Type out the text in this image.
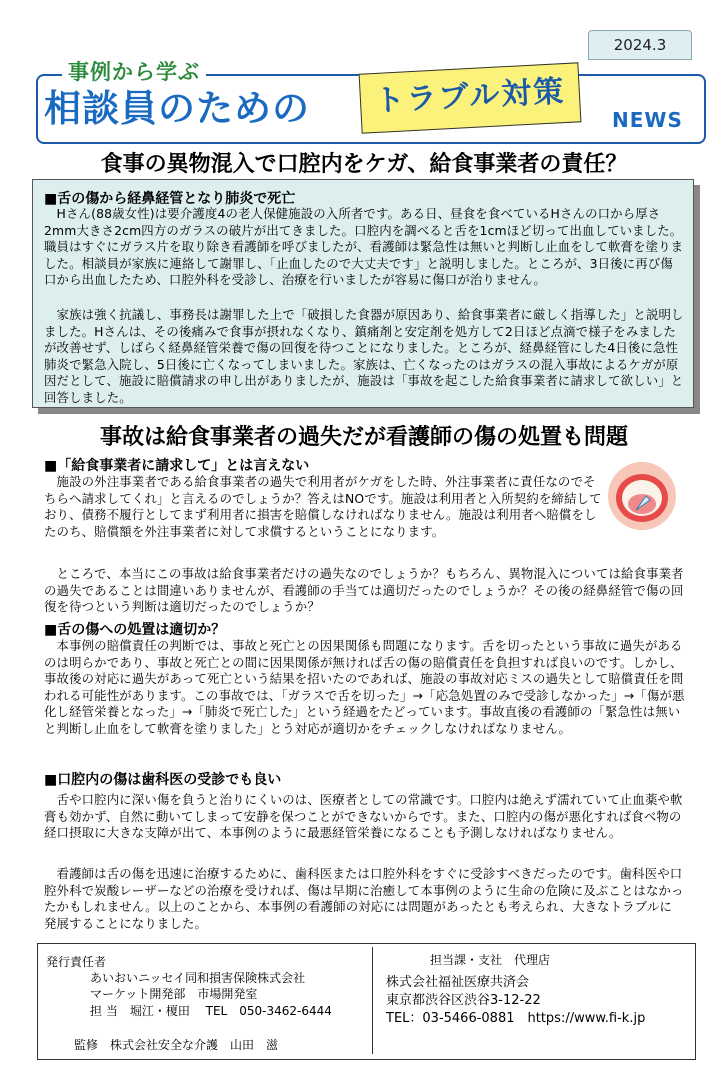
2024.3
事例から学ぶ
相談員のための	トラブル対策
NEWS
食事の異物混入で口腔内をケガ、給食事業者の責任？
■舌の傷から経鼻経管となり肺炎で死亡
　Hさん(88歳女性)は要介護度4の老人保健施設の入所者です。ある日、昼食を食べているHさんの口から厚さ2mm大きさ2cm四方のガラスの破片が出てきました。口腔内を調べると舌を1cmほど切って出血していました。職員はすぐにガラス片を取り除き看護師を呼びましたが、看護師は緊急性は無いと判断し止血をして軟膏を塗りました。相談員が家族に連絡して謝罪し、「止血したので大丈夫です」と説明しました。ところが、3日後に再び傷口から出血したため、口腔外科を受診し、治療を行いましたが容易に傷口が治りません。
　家族は強く抗議し、事務長は謝罪した上で「破損した食器が原因あり、給食事業者に厳しく指導した」と説明しました。Hさんは、その後痛みで食事が摂れなくなり、鎮痛剤と安定剤を処方して2日ほど点滴で様子をみましたが改善せず、しばらく経鼻経管栄養で傷の回復を待つことになりました。ところが、経鼻経管にした4日後に急性肺炎で緊急入院し、5日後に亡くなってしまいました。家族は、亡くなったのはガラスの混入事故によるケガが原因だとして、施設に賠償請求の申し出がありましたが、施設は「事故を起こした給食事業者に請求して欲しい」と回答しました。
事故は給食事業者の過失だが看護師の傷の処置も問題
■「給食事業者に請求して」とは言えない
　施設の外注事業者である給食事業者の過失で利用者がケガをした時、外注事業者に責任なのでそちらへ請求してくれ」と言えるのでしょうか？答えはNOです。施設は利用者と入所契約を締結しており、債務不履行としてまず利用者に損害を賠償しなければなりません。施設は利用者へ賠償をしたのち、賠償額を外注事業者に対して求償するということになります。
　ところで、本当にこの事故は給食事業者だけの過失なのでしょうか？もちろん、異物混入については給食事業者の過失であることは間違いありませんが、看護師の手当ては適切だったのでしょうか？その後の経鼻経管で傷の回復を待つという判断は適切だったのでしょうか？
■舌の傷への処置は適切か？
　本事例の賠償責任の判断では、事故と死亡との因果関係も問題になります。舌を切ったという事故に過失があるのは明らかであり、事故と死亡との間に因果関係が無ければ舌の傷の賠償責任を負担すれば良いのです。しかし、事故後の対応に過失があって死亡という結果を招いたのであれば、施設の事故対応ミスの過失として賠償責任を問われる可能性があります。この事故では、「ガラスで舌を切った」→「応急処置のみで受診しなかった」→「傷が悪化し経管栄養となった」→「肺炎で死亡した」という経過をたどっています。事故直後の看護師の「緊急性は無いと判断し止血をして軟膏を塗りました」とう対応が適切かをチェックしなければなりません。
■口腔内の傷は歯科医の受診でも良い
　舌や口腔内に深い傷を負うと治りにくいのは、医療者としての常識です。口腔内は絶えず濡れていて止血薬や軟膏も効かず、自然に動いてしまって安静を保つことができないからです。また、口腔内の傷が悪化すれば食べ物の経口摂取に大きな支障が出て、本事例のように最悪経管栄養になることも予測しなければなりません。
　看護師は舌の傷を迅速に治療するために、歯科医または口腔外科をすぐに受診すべきだったのです。歯科医や口腔外科で炭酸レーザーなどの治療を受ければ、傷は早期に治癒して本事例のように生命の危険に及ぶことはなかったかもしれません。以上のことから、本事例の看護師の対応には問題があったとも考えられ、大きなトラブルに発展することになりました。
発行責任者
あいおいニッセイ同和損害保険株式会社
マーケット開発部　市場開発室
担 当　堀江・榎田　 TEL　050-3462-6444
監修　株式会社安全な介護　山田　滋
担当課・支社　代理店
株式会社福祉医療共済会
東京都渋谷区渋谷3-12-22
TEL：03-5466-0881　https://www.fi-k.jp
